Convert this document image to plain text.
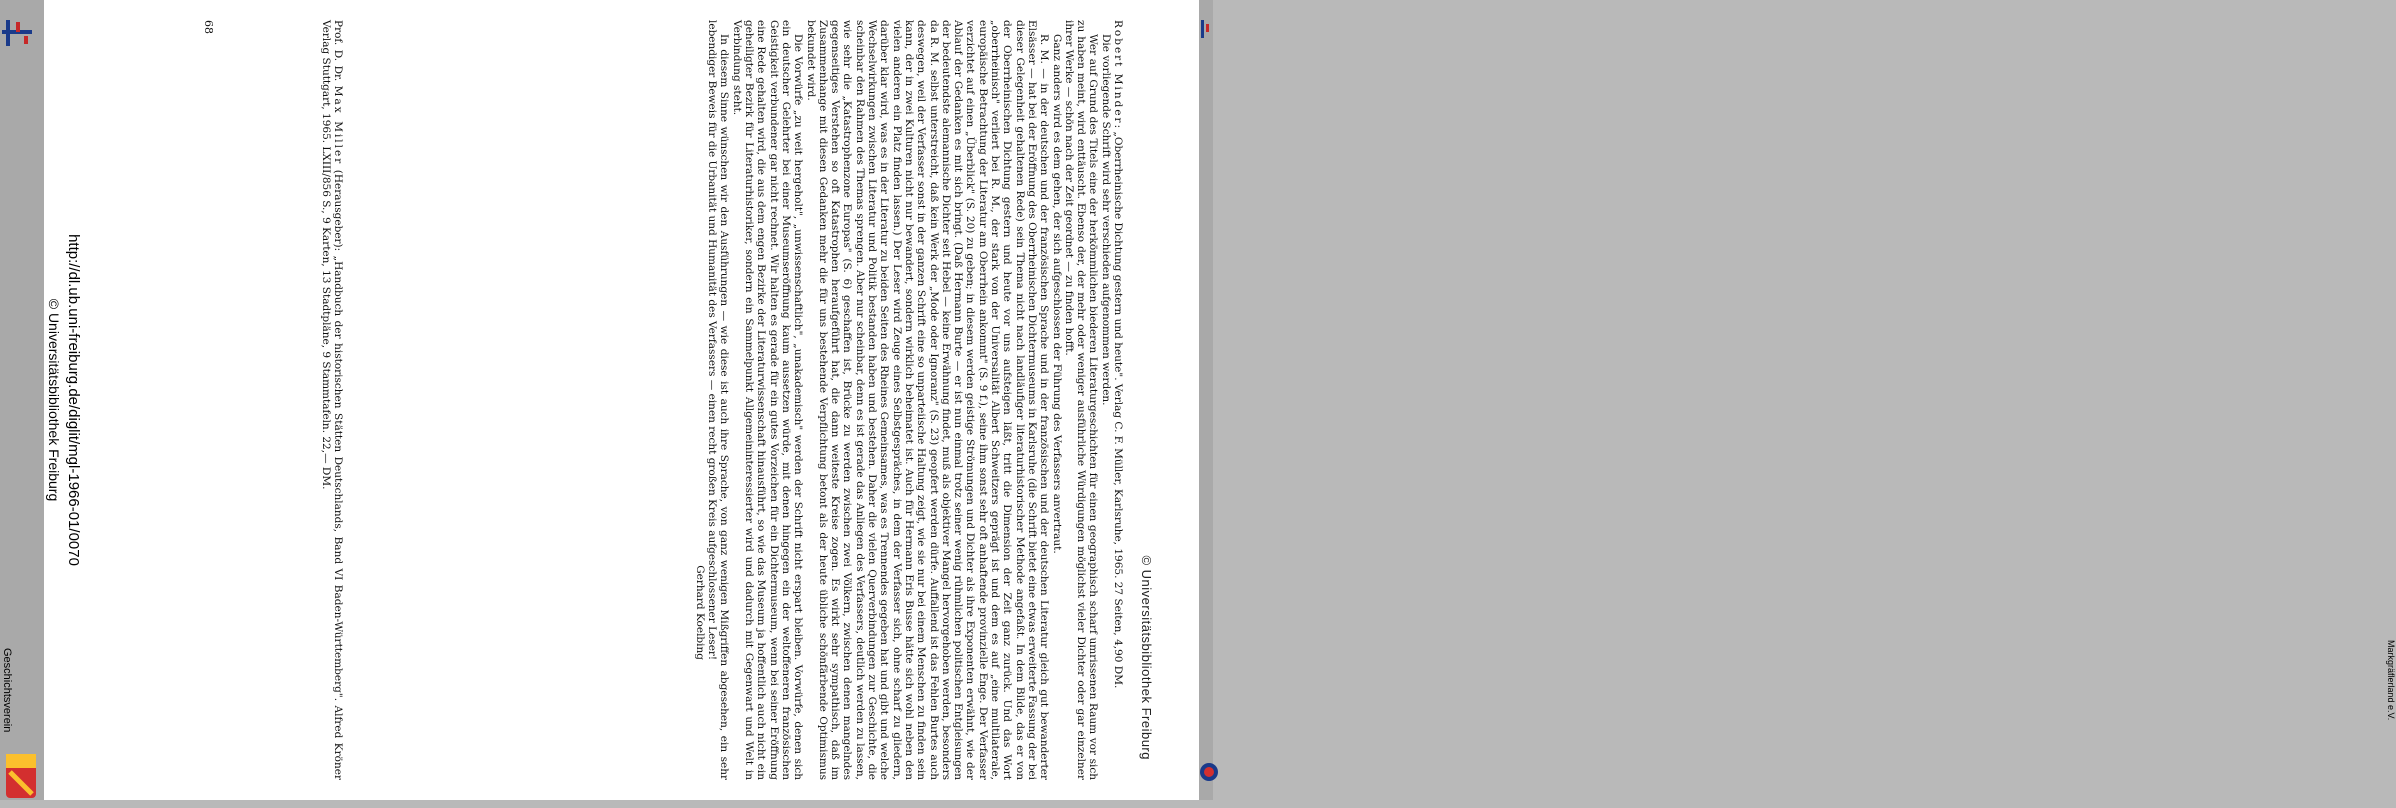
Geschichtsverein
http://dl.ub.uni-freiburg.de/diglit/mgl-1966-01/0070
© Universitätsbibliothek Freiburg
© Universitätsbibliothek Freiburg

Robert Minder: „Oberrheinische Dichtung gestern und heute". Verlag C. F. Müller, Karlsruhe, 1965. 27 Seiten, 4,90 DM.

Die vorliegende Schrift wird sehr verschieden aufgenommen werden.

Wer auf Grund des Titels eine der herkömmlichen biederen Literaturgeschichten für einen geographisch scharf umrissenen Raum vor sich zu haben meint, wird enttäuscht. Ebenso der, der mehr oder weniger ausführliche Würdigungen möglichst vieler Dichter oder gar einzelner ihrer Werke — schön nach der Zeit geordnet — zu finden hofft.

Ganz anders wird es dem gehen, der sich aufgeschlossen der Führung des Verfassers anvertraut.

R. M. — in der deutschen und der französischen Sprache und in der französischen und der deutschen Literatur gleich gut bewanderter Elsässer — hat bei der Eröffnung des Oberrheinischen Dichtermuseums in Karlsruhe (die Schrift bietet eine etwas erweiterte Fassung der bei dieser Gelegenheit gehaltenen Rede) sein Thema nicht nach landläufiger literaturhistorischer Methode angefaßt. In dem Bilde, das er von der Oberrheinischen Dichtung gestern und heute vor uns aufsteigen läßt, tritt die Dimension der Zeit ganz zurück. Und das Wort „oberrheinisch" verliert bei R. M., der stark von der Universalität Albert Schweitzers geprägt ist und dem es auf „eine multilaterale, europäische Betrachtung der Literatur am Oberrhein ankommt" (S. 9 f.), seine ihm sonst sehr oft anhaftende provinzielle Enge. Der Verfasser verzichtet auf einen „Überblick" (S. 20) zu geben; in diesem werden geistige Strömungen und Dichter als ihre Exponenten erwähnt, wie der Ablauf der Gedanken es mit sich bringt. (Daß Hermann Burte — er ist nun einmal trotz seiner wenig rühmlichen politischen Entgleisungen der bedeutendste alemannische Dichter seit Hebel — keine Erwähnung findet, muß als objektiver Mangel hervorgehoben werden, besonders da R. M. selbst unterstreicht, daß kein Werk der „Mode oder Ignoranz" (S. 23) geopfert werden dürfe. Auffallend ist das Fehlen Burtes auch deswegen, weil der Verfasser sonst in der ganzen Schrift eine so unparteiische Haltung zeigt, wie sie nur bei einem Menschen zu finden sein kann, der in zwei Kulturen nicht nur bewandert, sondern wirklich beheimatet ist. Auch für Hermann Eris Busse hätte sich wohl neben den vielen anderen ein Platz finden lassen.) Der Leser wird Zeuge eines Selbstgespräches, in dem der Verfasser sich, ohne scharf zu gliedern, darüber klar wird, was es in der Literatur zu beiden Seiten des Rheines Gemeinsames, was es Trennendes gegeben hat und gibt und welche Wechselwirkungen zwischen Literatur und Politik bestanden haben und bestehen. Daher die vielen Querverbindungen zur Geschichte, die scheinbar den Rahmen des Themas sprengen. Aber nur scheinbar, denn es ist gerade das Anliegen des Verfassers, deutlich werden zu lassen, wie sehr die „Katastrophenzone Europas" (S. 6) geschaffen ist, Brücke zu werden zwischen zwei Völkern, zwischen denen mangelndes gegenseitiges Verstehen so oft Katastrophen heraufgeführt hat, die dann weiteste Kreise zogen. Es wirkt sehr sympathisch, daß im Zusammenhange mit diesen Gedanken mehr die für uns bestehende Verpflichtung betont als der heute übliche schönfärbende Optimismus bekundet wird.

Die Vorwürfe „zu weit hergeholt", „unwissenschaftlich", „unakademisch" werden der Schrift nicht erspart bleiben. Vorwürfe, denen sich ein deutscher Gelehrter bei einer Museumseröffnung kaum aussetzen würde, mit denen hingegen ein der weltoffeneren französischen Geistigkeit verbundener gar nicht rechnet. Wir halten es gerade für ein gutes Vorzeichen für ein Dichtermuseum, wenn bei seiner Eröffnung eine Rede gehalten wird, die aus dem engen Bezirke der Literaturwissenschaft hinausführt, so wie das Museum ja hoffentlich auch nicht ein geheiligter Bezirk für Literaturhistoriker, sondern ein Sammelpunkt Allgemeininteressierter wird und dadurch mit Gegenwart und Welt in Verbindung steht.

In diesem Sinne wünschen wir den Ausführungen — wie diese ist auch ihre Sprache, von ganz wenigen Mißgriffen abgesehen, ein sehr lebendiger Beweis für die Urbanität und Humanität des Verfassers — einen recht großen Kreis aufgeschlossener Leser!

Gerhard Koelbing

Prof. D. Dr. Max Miller (Herausgeber): „Handbuch der historischen Stätten Deutschlands, Band VI Baden-Württemberg". Alfred Kröner Verlag Stuttgart, 1965. LXIII/856 S., 9 Karten, 13 Stadtpläne, 9 Stammtafeln. 22,— DM.

68
Markgräflerland e.V.
